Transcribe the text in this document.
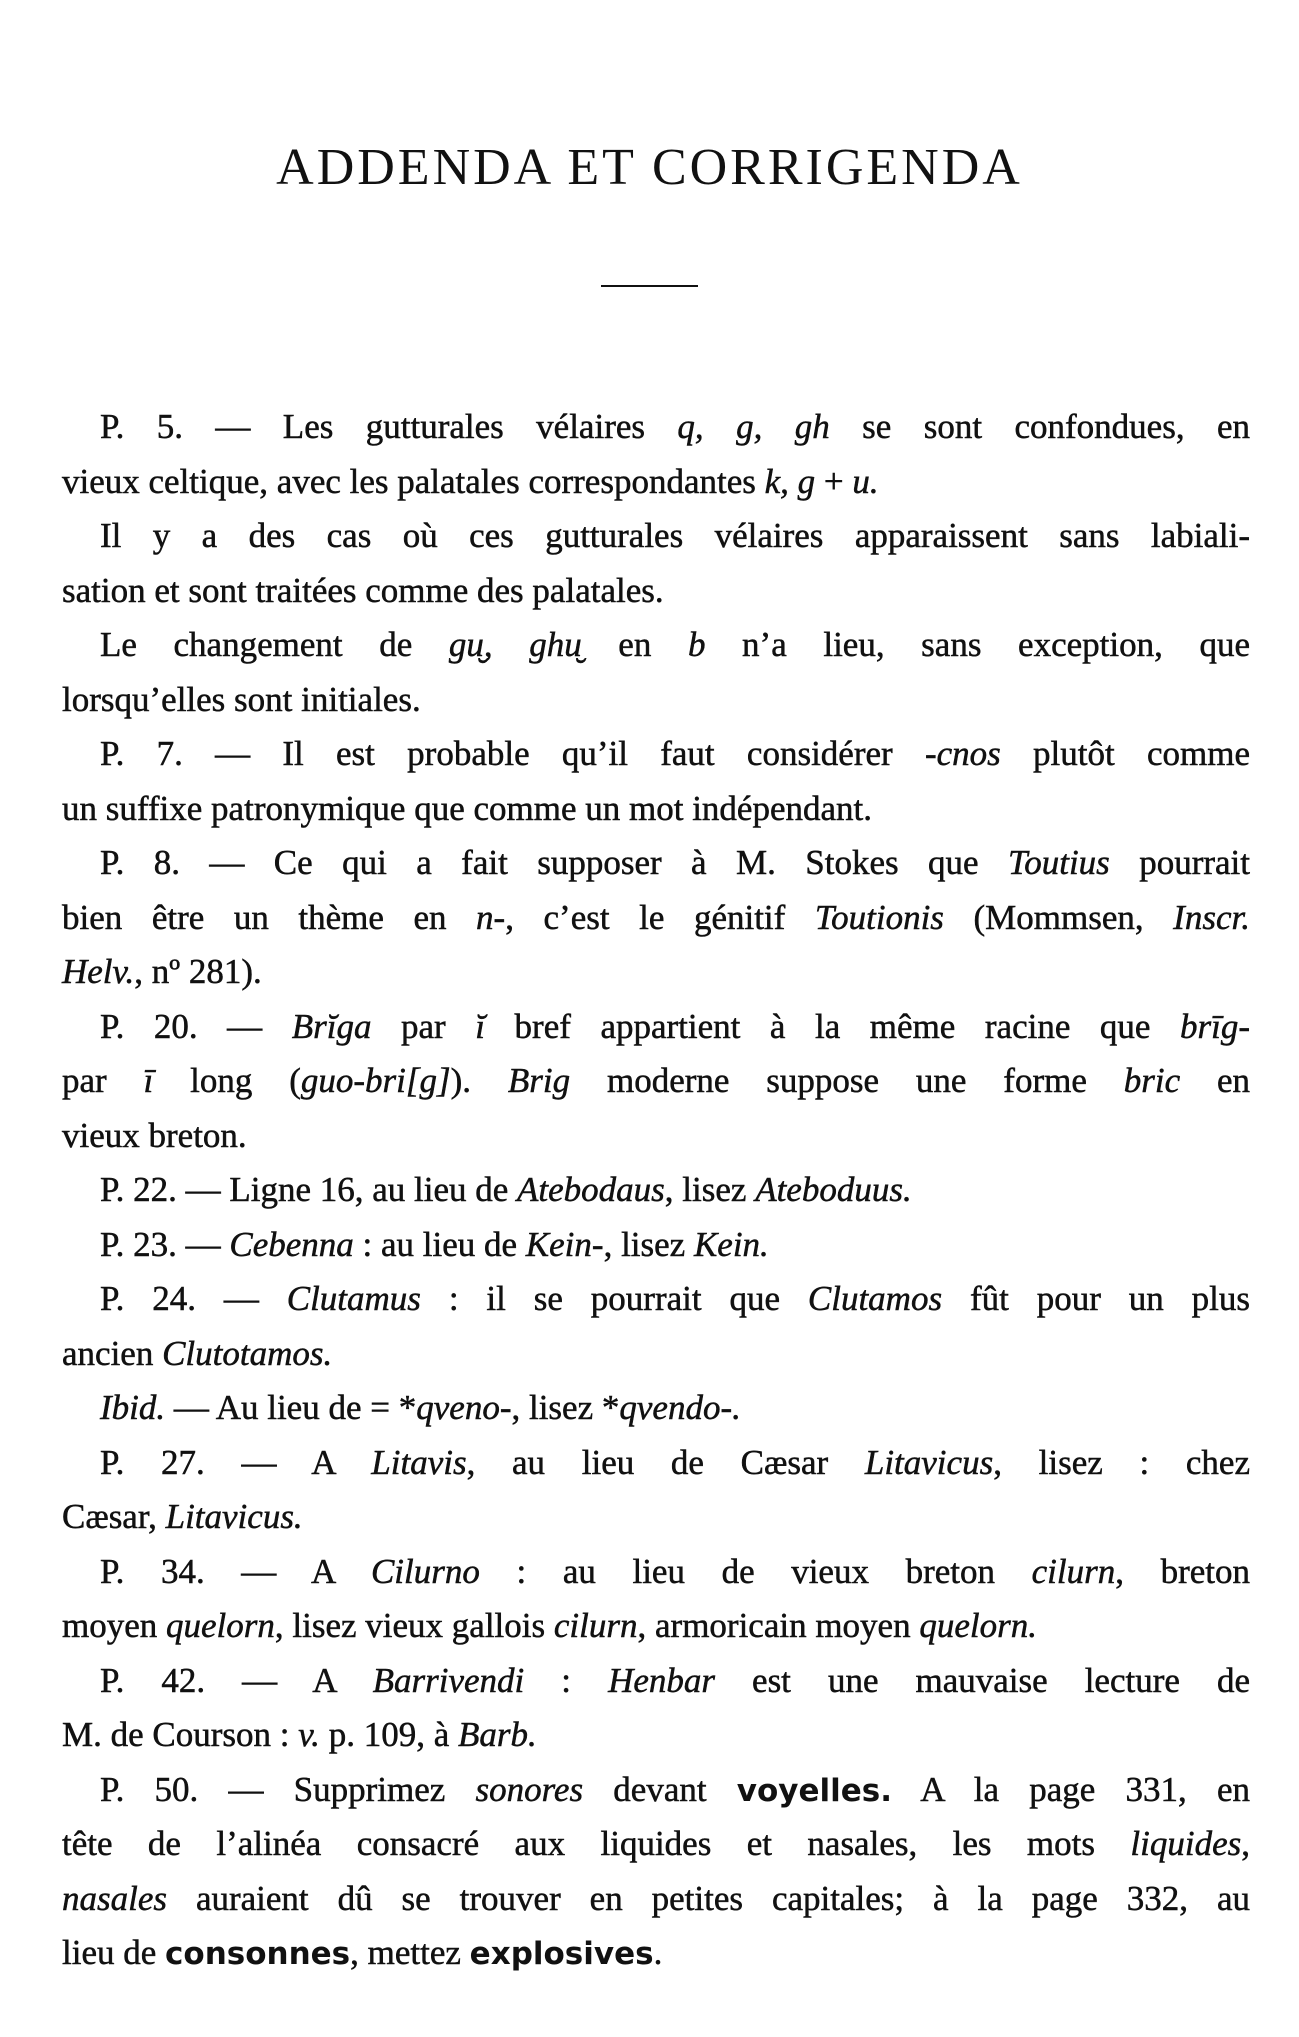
ADDENDA ET CORRIGENDA
P. 5. — Les gutturales vélaires q, g, gh se sont confondues, en
vieux celtique, avec les palatales correspondantes k, g + u.
Il y a des cas où ces gutturales vélaires apparaissent sans labiali-
sation et sont traitées comme des palatales.
Le changement de gu̮, ghu̮ en b n’a lieu, sans exception, que
lorsqu’elles sont initiales.
P. 7. — Il est probable qu’il faut considérer -cnos plutôt comme
un suffixe patronymique que comme un mot indépendant.
P. 8. — Ce qui a fait supposer à M. Stokes que Toutius pourrait
bien être un thème en n-, c’est le génitif Toutionis (Mommsen, Inscr.
Helv., nº 281).
P. 20. — Brĭga par ĭ bref appartient à la même racine que brīg-
par ī long (guo-bri[g]). Brig moderne suppose une forme bric en
vieux breton.
P. 22. — Ligne 16, au lieu de Atebodaus, lisez Ateboduus.
P. 23. — Cebenna : au lieu de Kein-, lisez Kein.
P. 24. — Clutamus : il se pourrait que Clutamos fût pour un plus
ancien Clutotamos.
Ibid. — Au lieu de = *qveno-, lisez *qvendo-.
P. 27. — A Litavis, au lieu de Cæsar Litavicus, lisez : chez
Cæsar, Litavicus.
P. 34. — A Cilurno : au lieu de vieux breton cilurn, breton
moyen quelorn, lisez vieux gallois cilurn, armoricain moyen quelorn.
P. 42. — A Barrivendi : Henbar est une mauvaise lecture de
M. de Courson : v. p. 109, à Barb.
P. 50. — Supprimez sonores devant voyelles. A la page 331, en
tête de l’alinéa consacré aux liquides et nasales, les mots liquides,
nasales auraient dû se trouver en petites capitales; à la page 332, au
lieu de consonnes, mettez explosives.
